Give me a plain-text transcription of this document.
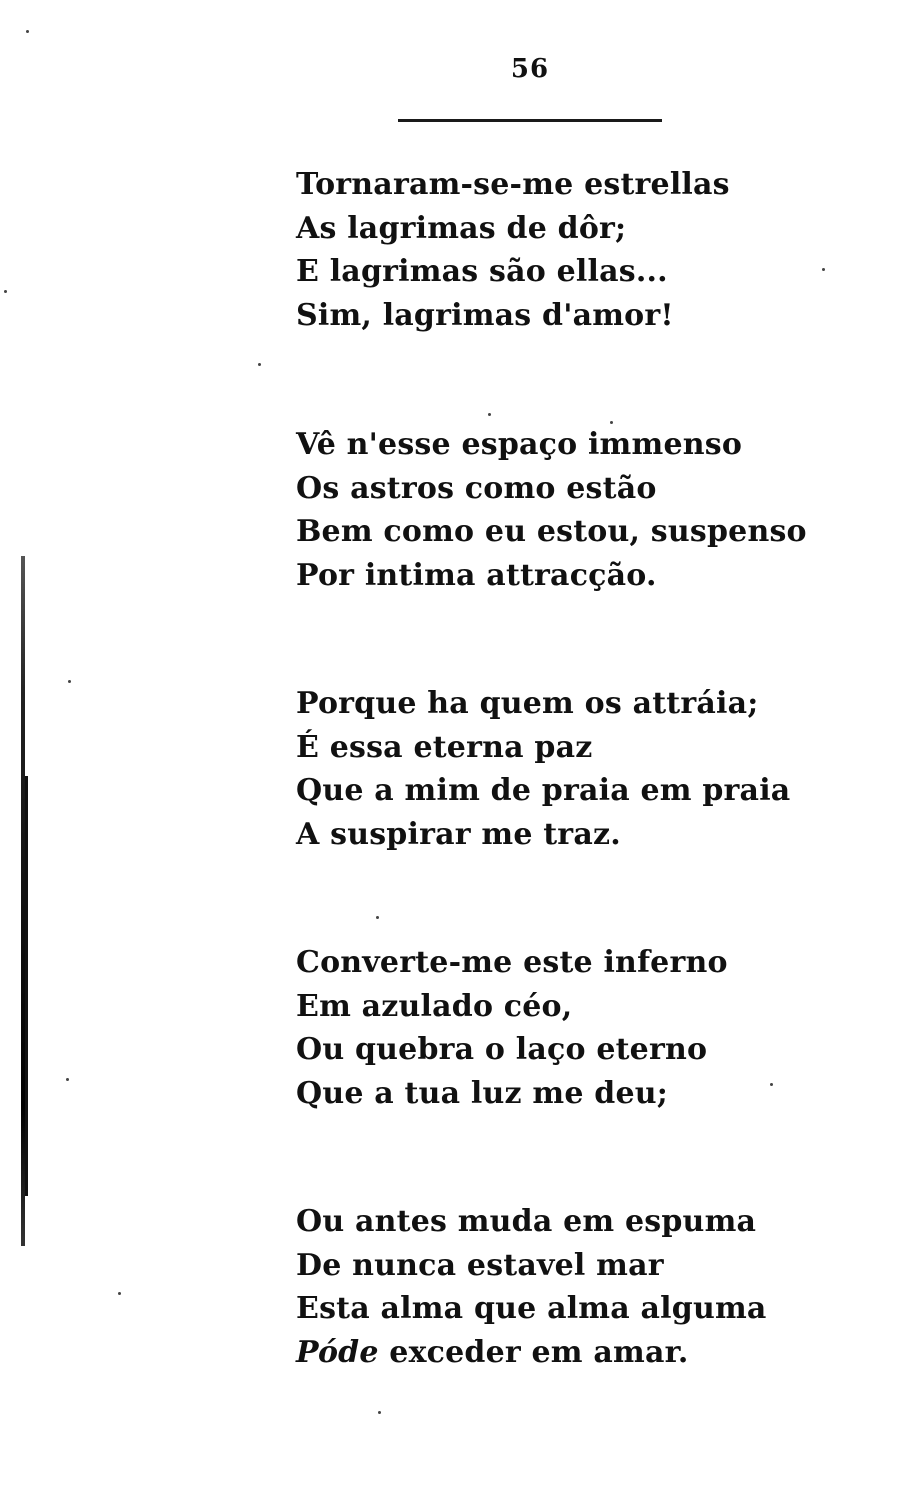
56
Tornaram-se-me estrellas
As lagrimas de dôr;
E lagrimas são ellas...
Sim, lagrimas d'amor!
Vê n'esse espaço immenso
Os astros como estão
Bem como eu estou, suspenso
Por intima attracção.
Porque ha quem os attráia;
É essa eterna paz
Que a mim de praia em praia
A suspirar me traz.
Converte-me este inferno
Em azulado céo,
Ou quebra o laço eterno
Que a tua luz me deu;
Ou antes muda em espuma
De nunca estavel mar
Esta alma que alma alguma
Póde exceder em amar.
